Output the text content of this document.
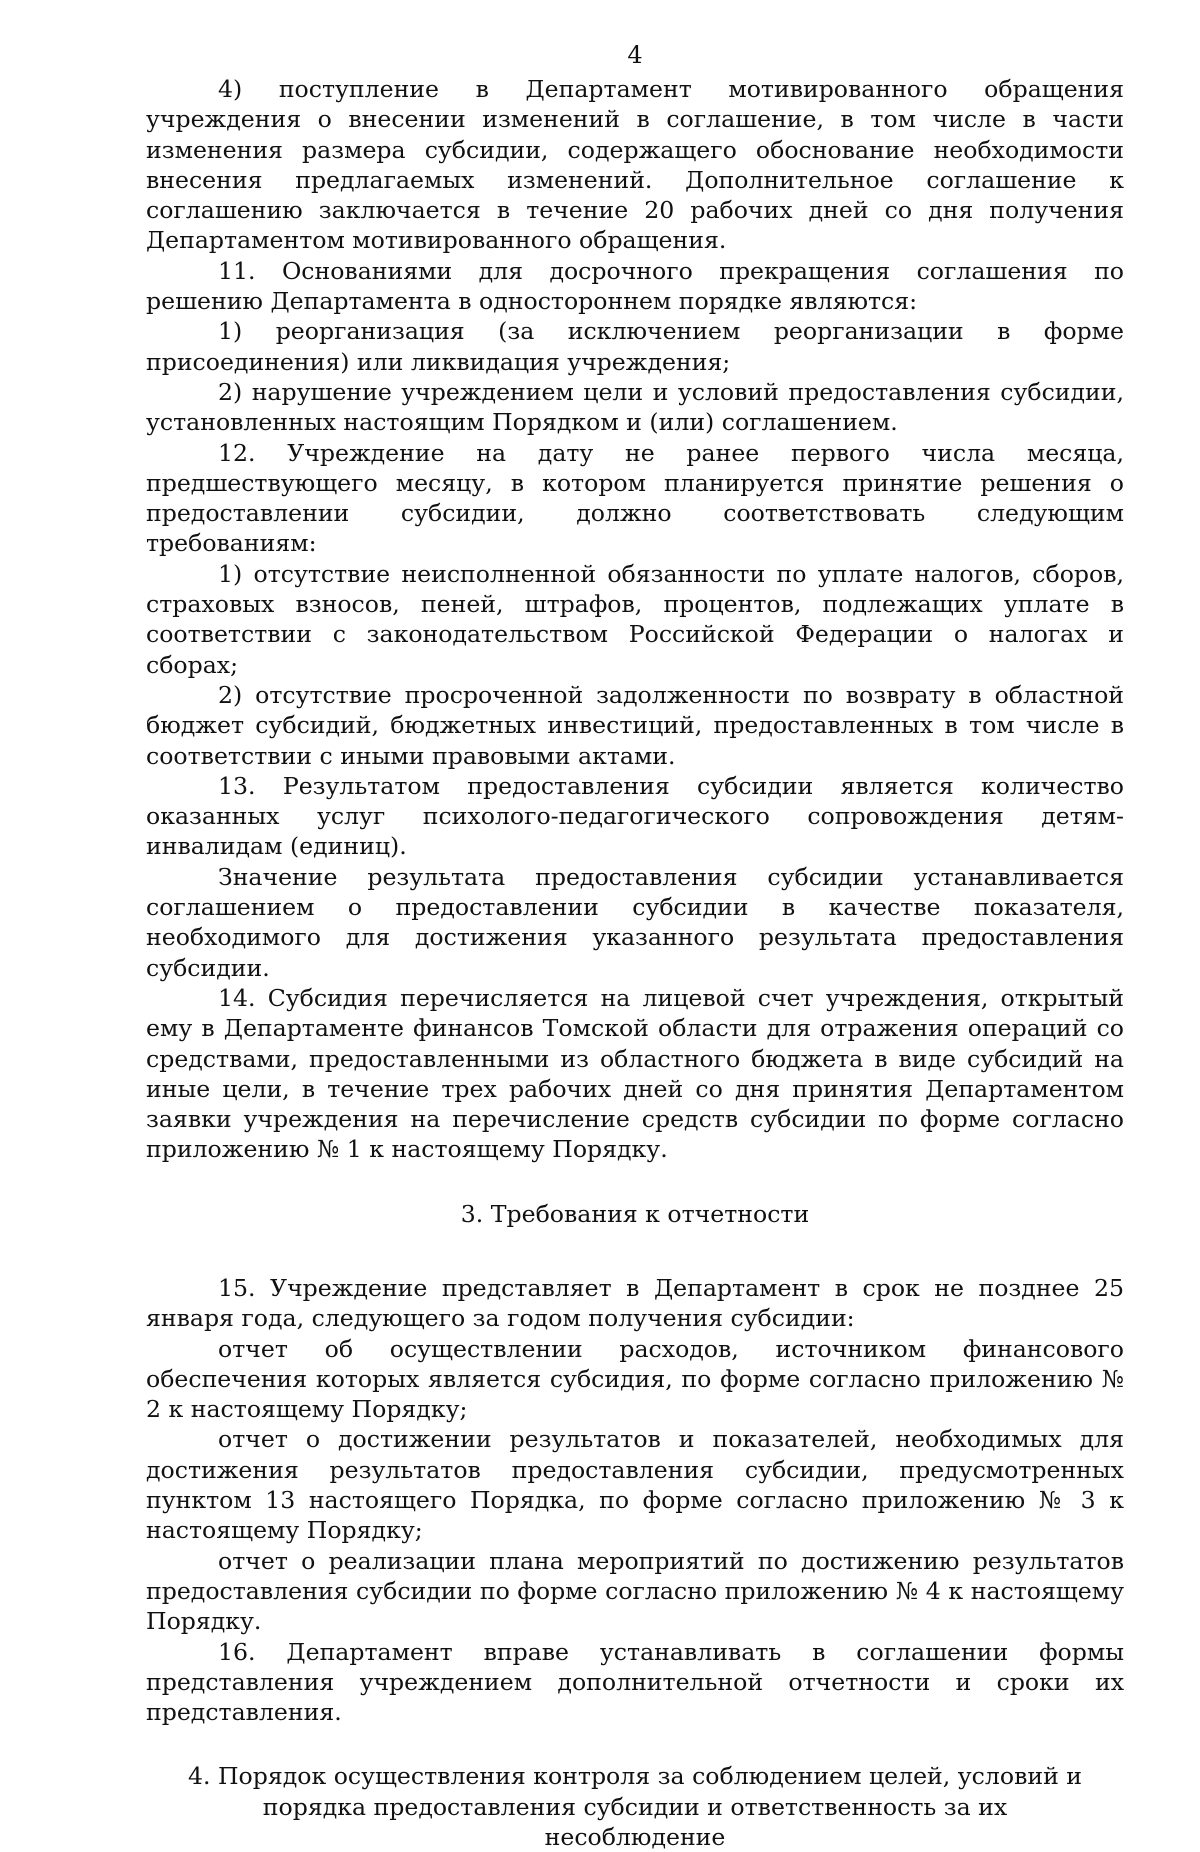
4

4) поступление в Департамент мотивированного обращения учреждения о внесении изменений в соглашение, в том числе в части изменения размера субсидии, содержащего обоснование необходимости внесения предлагаемых изменений. Дополнительное соглашение к соглашению заключается в течение 20 рабочих дней со дня получения Департаментом мотивированного обращения.

11. Основаниями для досрочного прекращения соглашения по решению Департамента в одностороннем порядке являются:

1) реорганизация (за исключением реорганизации в форме присоединения) или ликвидация учреждения;

2) нарушение учреждением цели и условий предоставления субсидии, установленных настоящим Порядком и (или) соглашением.

12. Учреждение на дату не ранее первого числа месяца, предшествующего месяцу, в котором планируется принятие решения о предоставлении субсидии, должно соответствовать следующим требованиям:

1) отсутствие неисполненной обязанности по уплате налогов, сборов, страховых взносов, пеней, штрафов, процентов, подлежащих уплате в соответствии с законодательством Российской Федерации о налогах и сборах;

2) отсутствие просроченной задолженности по возврату в областной бюджет субсидий, бюджетных инвестиций, предоставленных в том числе в соответствии с иными правовыми актами.

13. Результатом предоставления субсидии является количество оказанных услуг психолого-педагогического сопровождения детям-инвалидам (единиц).

Значение результата предоставления субсидии устанавливается соглашением о предоставлении субсидии в качестве показателя, необходимого для достижения указанного результата предоставления субсидии.

14. Субсидия перечисляется на лицевой счет учреждения, открытый ему в Департаменте финансов Томской области для отражения операций со средствами, предоставленными из областного бюджета в виде субсидий на иные цели, в течение трех рабочих дней со дня принятия Департаментом заявки учреждения на перечисление средств субсидии по форме согласно приложению № 1 к настоящему Порядку.

3. Требования к отчетности

15. Учреждение представляет в Департамент в срок не позднее 25 января года, следующего за годом получения субсидии:

отчет об осуществлении расходов, источником финансового обеспечения которых является субсидия, по форме согласно приложению № 2 к настоящему Порядку;

отчет о достижении результатов и показателей, необходимых для достижения результатов предоставления субсидии, предусмотренных пунктом 13 настоящего Порядка, по форме согласно приложению № 3 к настоящему Порядку;

отчет о реализации плана мероприятий по достижению результатов предоставления субсидии по форме согласно приложению № 4 к настоящему Порядку.

16. Департамент вправе устанавливать в соглашении формы представления учреждением дополнительной отчетности и сроки их представления.

4. Порядок осуществления контроля за соблюдением целей, условий и порядка предоставления субсидии и ответственность за их несоблюдение
